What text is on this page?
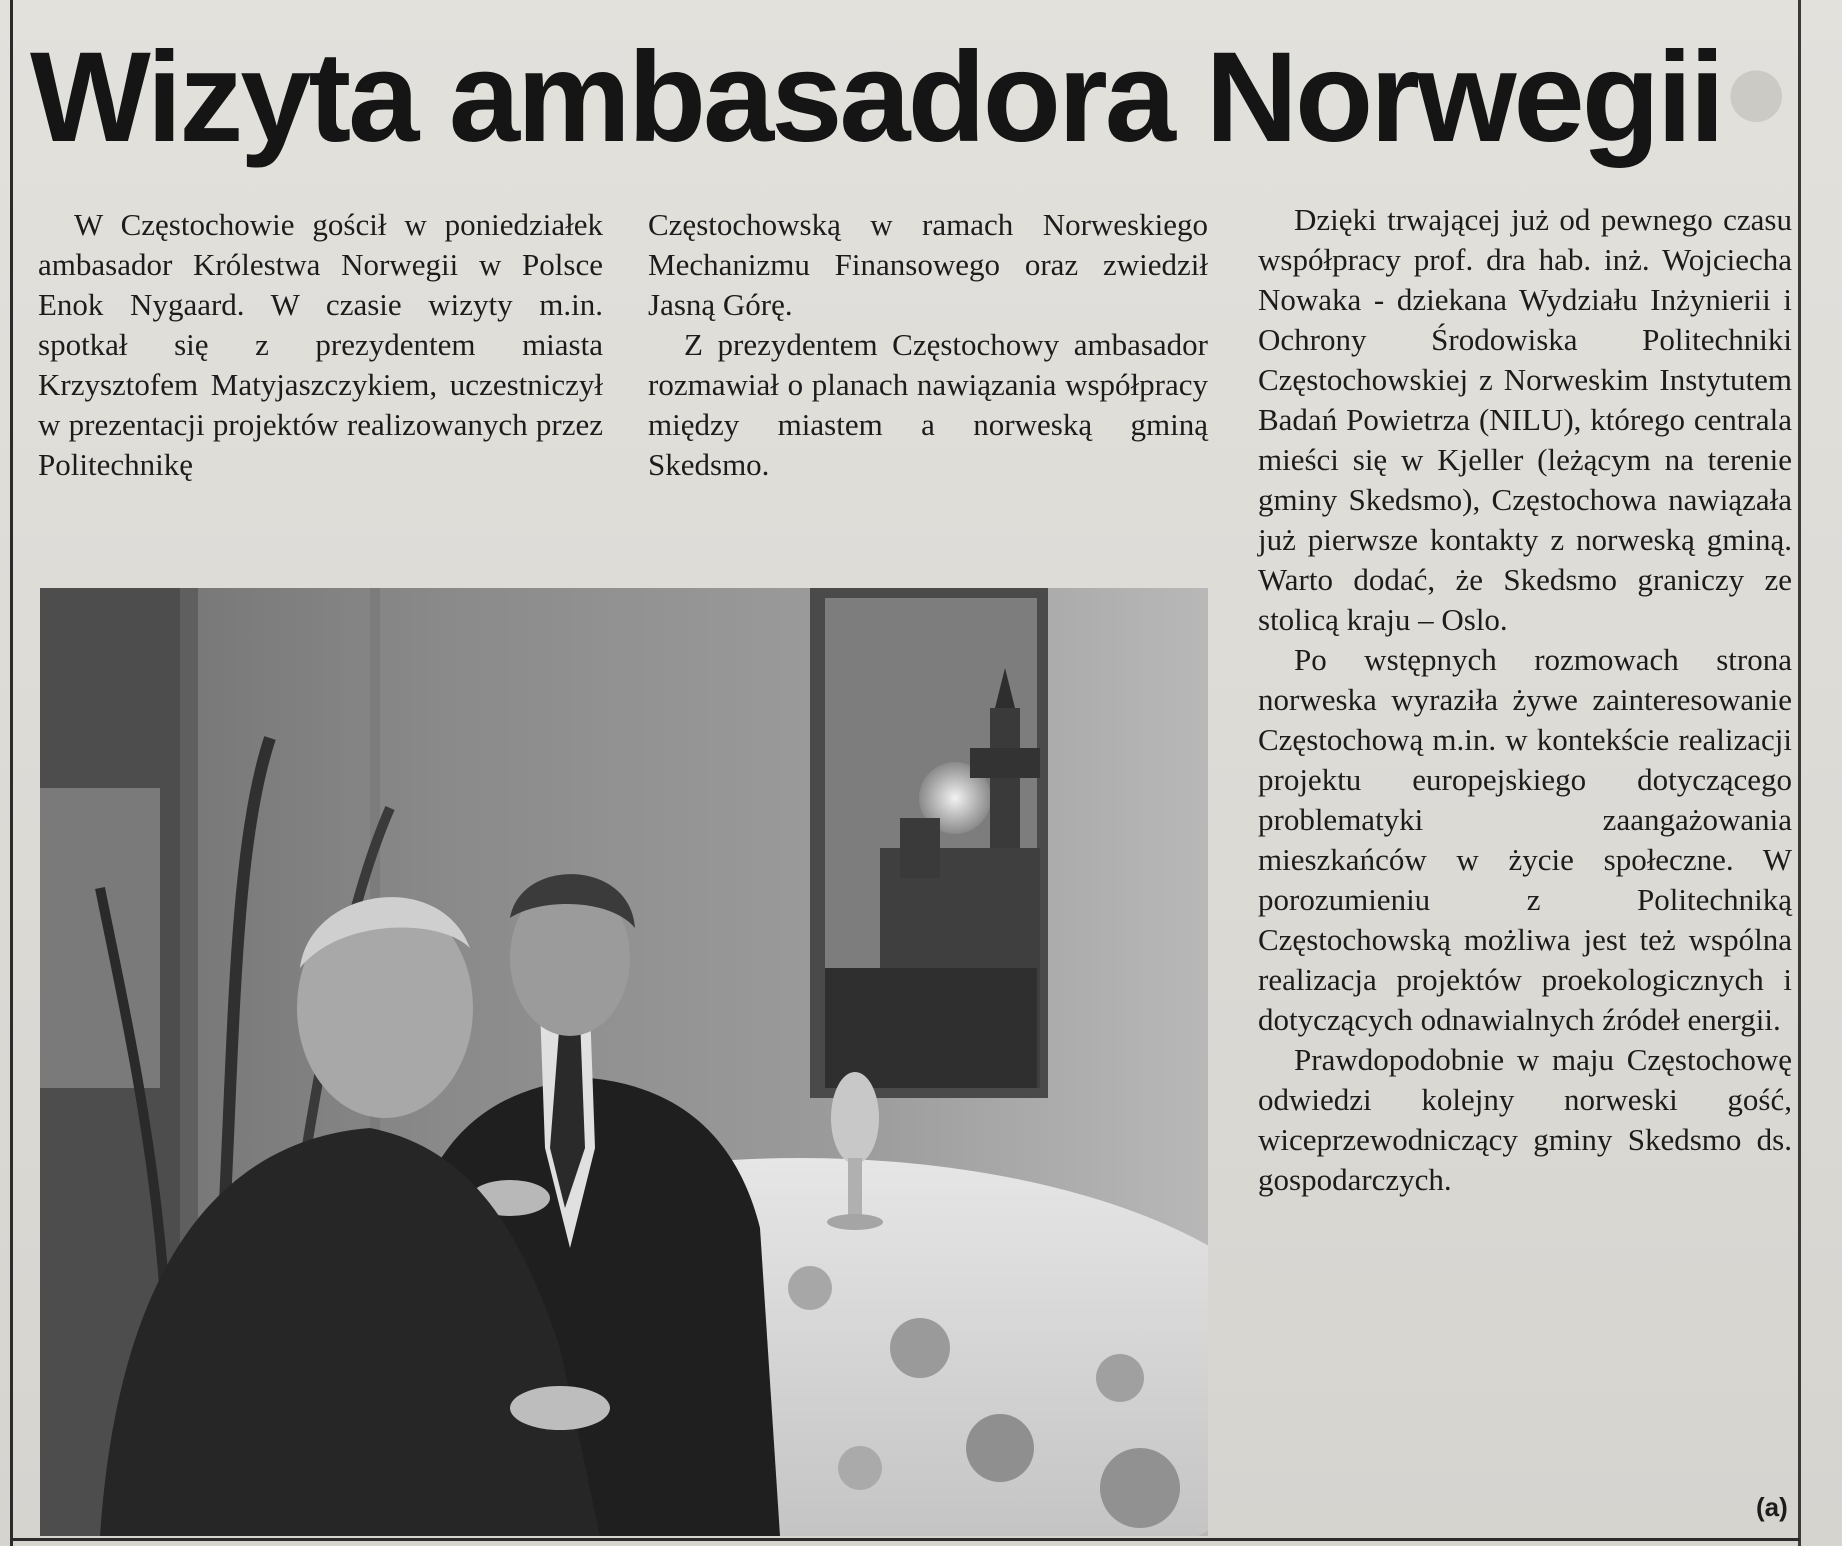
●
Wizyta ambasadora Norwegii

W Częstochowie gościł w poniedziałek ambasador Królestwa Norwegii w Polsce Enok Nygaard. W czasie wizyty m.in. spotkał się z prezydentem miasta Krzysztofem Matyjaszczykiem, uczestniczył w prezentacji projektów realizowanych przez Politechnikę

Częstochowską w ramach Norweskiego Mechanizmu Finansowego oraz zwiedził Jasną Górę.

Z prezydentem Częstochowy ambasador rozmawiał o planach nawiązania współpracy między miastem a norweską gminą Skedsmo.

Dzięki trwającej już od pewnego czasu współpracy prof. dra hab. inż. Wojciecha Nowaka - dziekana Wydziału Inżynierii i Ochrony Środowiska Politechniki Częstochowskiej z Norweskim Instytutem Badań Powietrza (NILU), którego centrala mieści się w Kjeller (leżącym na terenie gminy Skedsmo), Częstochowa nawiązała już pierwsze kontakty z norweską gminą. Warto dodać, że Skedsmo graniczy ze stolicą kraju – Oslo.

Po wstępnych rozmowach strona norweska wyraziła żywe zainteresowanie Częstochową m.in. w kontekście realizacji projektu europejskiego dotyczącego problematyki zaangażowania mieszkańców w życie społeczne. W porozumieniu z Politechniką Częstochowską możliwa jest też wspólna realizacja projektów proekologicznych i dotyczących odnawialnych źródeł energii.

Prawdopodobnie w maju Częstochowę odwiedzi kolejny norweski gość, wiceprzewodniczący gminy Skedsmo ds. gospodarczych.

(a)
